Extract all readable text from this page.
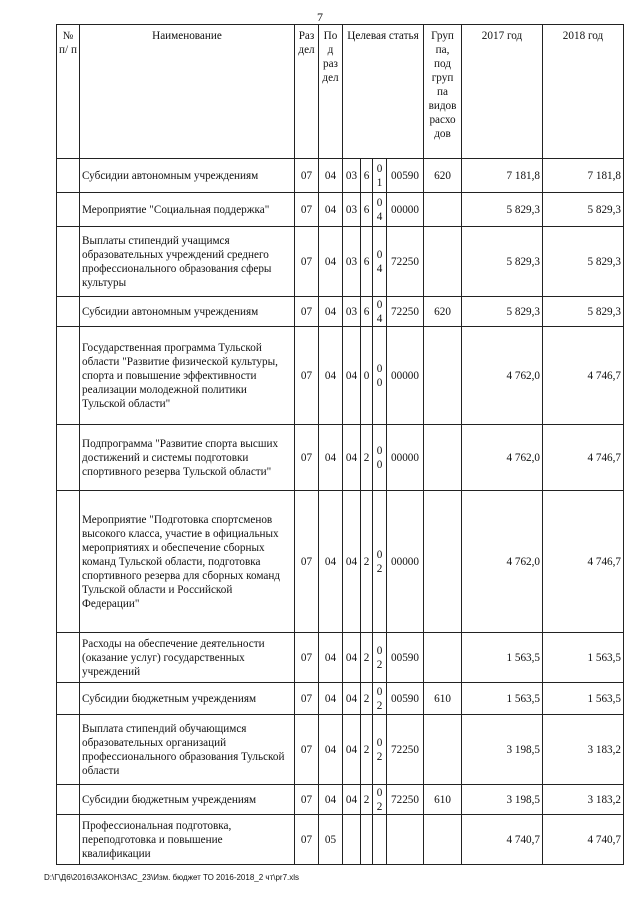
7
№ п/ п	Наименование	Раз дел	Под раз дел	Целевая статья				Груп па, под груп па видов расхо дов	2017 год	2018 год
	Субсидии автономным учреждениям	07	04	03	6	01	00590	620	7 181,8	7 181,8
	Мероприятие "Социальная поддержка"	07	04	03	6	04	00000		5 829,3	5 829,3
	Выплаты стипендий учащимся образовательных учреждений среднего профессионального образования сферы культуры	07	04	03	6	04	72250		5 829,3	5 829,3
	Субсидии автономным учреждениям	07	04	03	6	04	72250	620	5 829,3	5 829,3
	Государственная программа Тульской области "Развитие физической культуры, спорта и повышение эффективности реализации молодежной политики Тульской области"	07	04	04	0	00	00000		4 762,0	4 746,7
	Подпрограмма "Развитие спорта высших достижений и системы подготовки спортивного резерва Тульской области"	07	04	04	2	00	00000		4 762,0	4 746,7
	Мероприятие "Подготовка спортсменов высокого класса, участие в официальных мероприятиях и обеспечение сборных команд Тульской области, подготовка спортивного резерва для сборных команд Тульской области и Российской Федерации"	07	04	04	2	02	00000		4 762,0	4 746,7
	Расходы на обеспечение деятельности (оказание услуг) государственных учреждений	07	04	04	2	02	00590		1 563,5	1 563,5
	Субсидии бюджетным учреждениям	07	04	04	2	02	00590	610	1 563,5	1 563,5
	Выплата стипендий обучающимся образовательных организаций профессионального образования Тульской области	07	04	04	2	02	72250		3 198,5	3 183,2
	Субсидии бюджетным учреждениям	07	04	04	2	02	72250	610	3 198,5	3 183,2
	Профессиональная подготовка, переподготовка и повышение квалификации	07	05						4 740,7	4 740,7
D:\Г\Д6\2016\ЗАКОН\ЗАС_23\Изм. бюджет ТО 2016-2018_2 чт\pr7.xls
